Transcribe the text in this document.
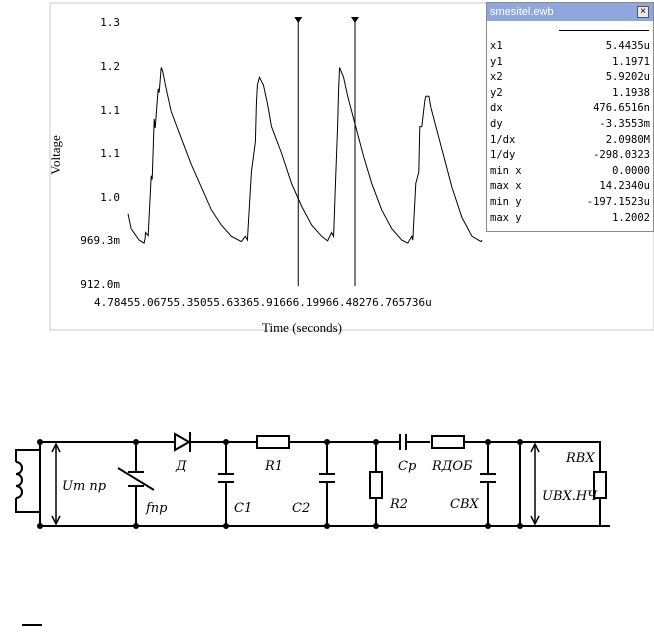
Voltage
Time (seconds)
1.3
1.2
1.1
1.1
1.0
969.3m
912.0m
4.78455.06755.35055.63365.91666.19966.48276.765736u
smesitel.ewb	×
x1	5.4435u
y1	1.1971
x2	5.9202u
y2	1.1938
dx	476.6516n
dy	-3.3553m
1/dx	2.0980M
1/dy	-298.0323
min x	0.0000
max x	14.2340u
min y	-197.1523u
max y	1.2002
Um пр
fпр
Д	R1
C1	C2
Cр RДОБ
R2	CВХ
UВХ.НЧ
RВХ
